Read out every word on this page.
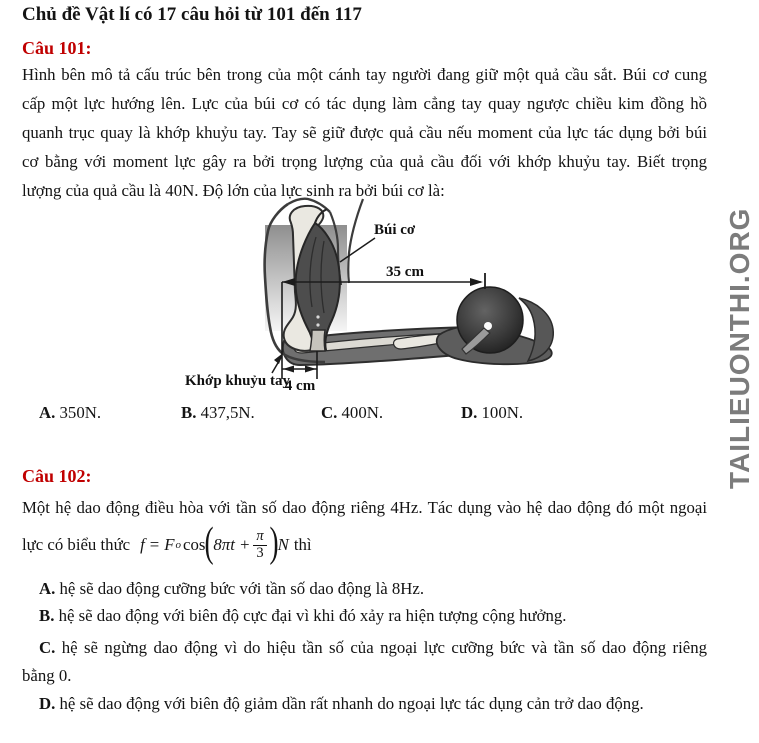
Chủ đề Vật lí có 17 câu hỏi từ 101 đến 117
Câu 101:
Hình bên mô tả cấu trúc bên trong của một cánh tay người đang giữ một quả cầu sắt. Búi cơ cung
cấp một lực hướng lên. Lực của búi cơ có tác dụng làm cẳng tay quay ngược chiều kim đồng hồ
quanh trục quay là khớp khuỷu tay. Tay sẽ giữ được quả cầu nếu moment của lực tác dụng bởi búi
cơ bằng với moment lực gây ra bởi trọng lượng của quả cầu đối với khớp khuỷu tay. Biết trọng
lượng của quả cầu là 40N. Độ lớn của lực sinh ra bởi búi cơ là:
35 cm
4 cm
Búi cơ
Khớp khuỷu tay
A. 350N.	B. 437,5N.	C. 400N.	D. 100N.
Câu 102:
Một hệ dao động điều hòa với tần số dao động riêng 4Hz. Tác dụng vào hệ dao động đó một ngoại
lực có biểu thức f = F o cos ( $8\pi t + \frac{\pi}{3}$ ) N thì
A. hệ sẽ dao động cưỡng bức với tần số dao động là 8Hz.
B. hệ sẽ dao động với biên độ cực đại vì khi đó xảy ra hiện tượng cộng hưởng.
C. hệ sẽ ngừng dao động vì do hiệu tần số của ngoại lực cưỡng bức và tần số dao động riêng
bằng 0.
D. hệ sẽ dao động với biên độ giảm dần rất nhanh do ngoại lực tác dụng cản trở dao động.
TAILIEUONTHI.ORG
